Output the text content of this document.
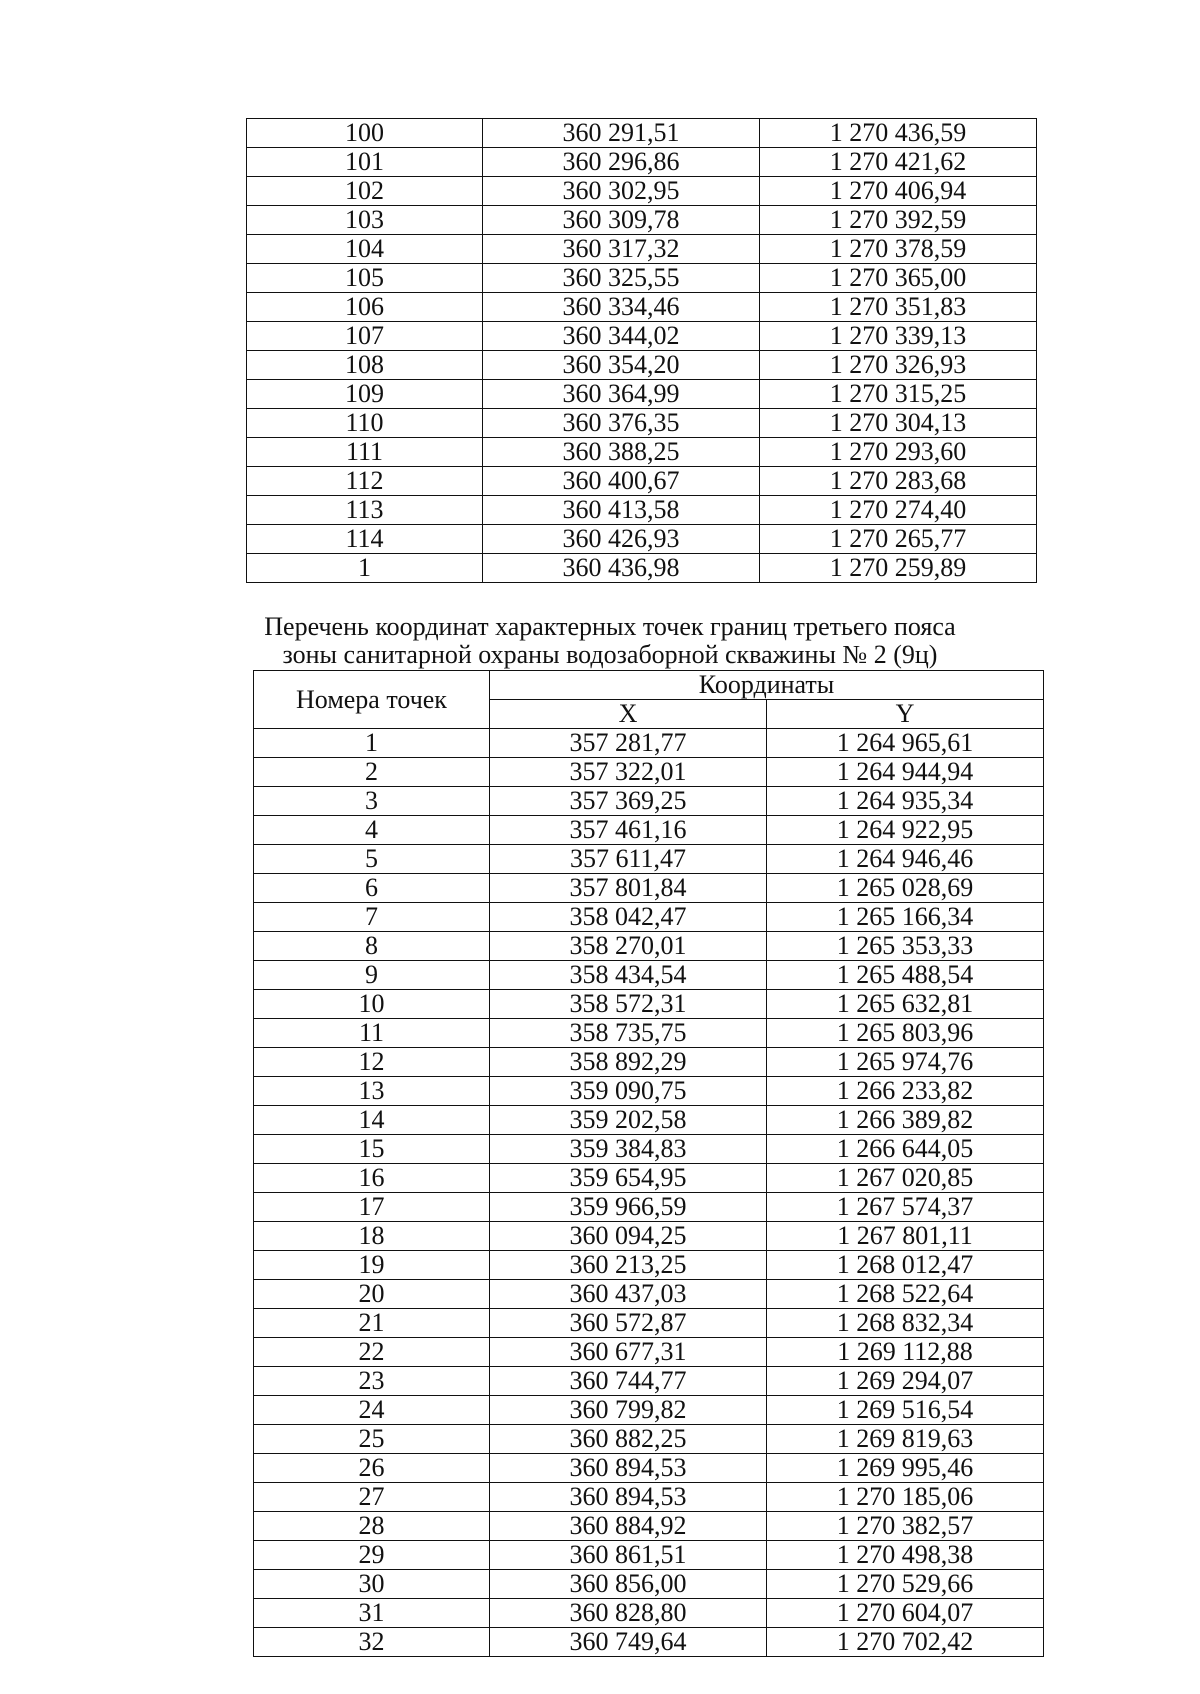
100	360 291,51	1 270 436,59
101	360 296,86	1 270 421,62
102	360 302,95	1 270 406,94
103	360 309,78	1 270 392,59
104	360 317,32	1 270 378,59
105	360 325,55	1 270 365,00
106	360 334,46	1 270 351,83
107	360 344,02	1 270 339,13
108	360 354,20	1 270 326,93
109	360 364,99	1 270 315,25
110	360 376,35	1 270 304,13
111	360 388,25	1 270 293,60
112	360 400,67	1 270 283,68
113	360 413,58	1 270 274,40
114	360 426,93	1 270 265,77
1	360 436,98	1 270 259,89
Перечень координат характерных точек границ третьего пояса
зоны санитарной охраны водозаборной скважины № 2 (9ц)
Номера точек	Координаты	
	X	Y
1	357 281,77	1 264 965,61
2	357 322,01	1 264 944,94
3	357 369,25	1 264 935,34
4	357 461,16	1 264 922,95
5	357 611,47	1 264 946,46
6	357 801,84	1 265 028,69
7	358 042,47	1 265 166,34
8	358 270,01	1 265 353,33
9	358 434,54	1 265 488,54
10	358 572,31	1 265 632,81
11	358 735,75	1 265 803,96
12	358 892,29	1 265 974,76
13	359 090,75	1 266 233,82
14	359 202,58	1 266 389,82
15	359 384,83	1 266 644,05
16	359 654,95	1 267 020,85
17	359 966,59	1 267 574,37
18	360 094,25	1 267 801,11
19	360 213,25	1 268 012,47
20	360 437,03	1 268 522,64
21	360 572,87	1 268 832,34
22	360 677,31	1 269 112,88
23	360 744,77	1 269 294,07
24	360 799,82	1 269 516,54
25	360 882,25	1 269 819,63
26	360 894,53	1 269 995,46
27	360 894,53	1 270 185,06
28	360 884,92	1 270 382,57
29	360 861,51	1 270 498,38
30	360 856,00	1 270 529,66
31	360 828,80	1 270 604,07
32	360 749,64	1 270 702,42
